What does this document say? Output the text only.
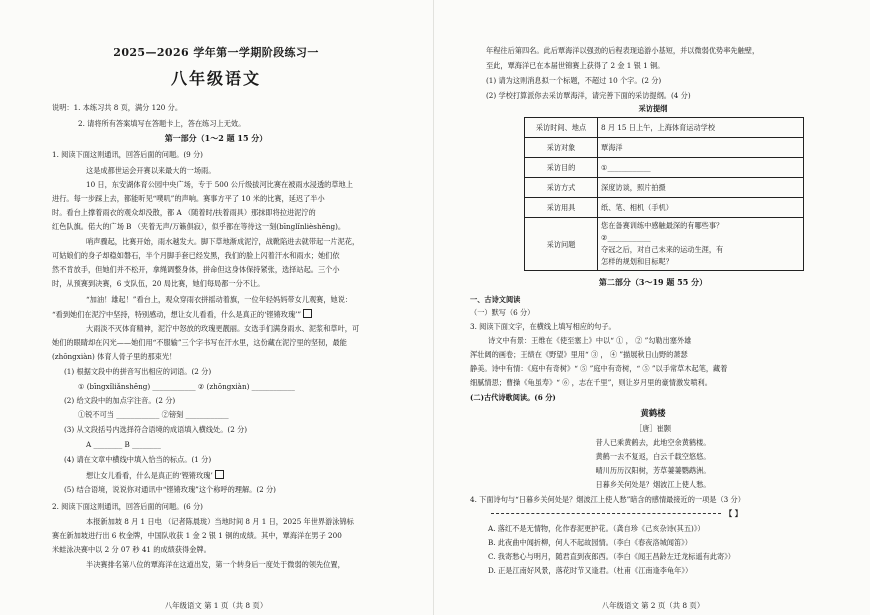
2025—2026 学年第一学期阶段练习一
八年级语文
说明：1. 本练习共 8 页，满分 120 分。
2. 请将所有答案填写在答题卡上，答在练习上无效。
第一部分（1～2 题 15 分）
1. 阅读下面这则通讯，回答后面的问题。(9 分)
这是成都世运会开赛以来最大的一场雨。
10 日，东安湖体育公园中央广场，专于 500 公斤级拔河比赛在被雨水浸透的草地上
进行。每一步踩上去，都能听见“噗叽”的声响。赛事方平了 10 米的比赛，延迟了半小
时。看台上撑着雨衣的观众却没散，都 A （随着时/扶着雨具）那抹即将拉进泥泞的
红色队旗。偌大的广场 B （夹着无声/万籁俱寂），似乎都在等待这一刻(bīnglǐnlièshēng)。
哨声骤起，比赛开始，雨水越发大。脚下草地渐成泥泞，战靴陷进去就带起一片泥花，
可姑娘们的身子却稳如磐石，半个月脚手套已经发黑，我们的脸上闪着汗水和雨水；她们依
然不肯放手，但她们并不松开，拿绳调整身体，拼命但这身体保持紧张，选择站起。三个小
时，从预赛到决赛，6 支队伍，20 局比赛，她们每局都一分不让。
“加油！雄起！”看台上，观众穿雨衣拼摇动着旗，一位年轻妈妈带女儿观赛，她说：
“看到她们在泥泞中坚持，特别感动，想让女儿看看，什么是真正的‘铿锵玫瑰’”
大雨淡不灭体育精神，泥泞中怒放的玫瑰更靓丽。女选手们满身雨水、泥浆和草叶，可
她们的眼睛却在闪光——她们用“不服输”三个字书写在汗水里，这份藏在泥泞里的坚韧，最能
(zhōngxiàn) 体育人骨子里的那束光！
(1) 根据文段中的拼音写出相应的词语。(2 分)
① (bīngxǐliǎnshēng) ____________ ② (zhōngxiàn) ____________
(2) 给文段中的加点字注音。(2 分)
①锐不可当 ____________ ②镑刻 ____________
(3) 从文段括号内选择符合语境的成语填入横线处。(2 分)
A ________ B ________
(4) 请在文章中横线中填入恰当的标点。(1 分)
想让女儿看看，什么是真正的‘铿锵玫瑰’
(5) 结合语境，说说你对通讯中“铿锵玫瑰”这个称呼的理解。(2 分)
2. 阅读下面这则通讯，回答后面的问题。(6 分)
本报新加坡 8 月 1 日电 （记者陈晨珑）当地时间 8 月 1 日，2025 年世界游泳锦标
赛在新加坡进行出 6 枚金牌，中国队收获 1 金 2 银 1 铜的成绩。其中，覃海洋在男子 200
米蛙泳决赛中以 2 分 07 秒 41 的成绩获得金牌。
半决赛排名第八位的覃海洋在这道出发，第一个转身后一度处于微弱的领先位置，
八年级语文 第 1 页（共 8 页）
年程往后第四名。此后覃海洋以强劲的后程表现追游小基短，并以微弱优势率先触壁，
至此，覃海洋已在本届世锦赛上获得了 2 金 1 银 1 铜。
(1) 请为这则消息拟一个标题，不超过 10 个字。(2 分)
(2) 学校打算派你去采访覃海洋，请完善下面的采访提纲。(4 分)
采访提纲
采访时间、地点	8 月 15 日上午，上海体育运动学校
采访对象	覃海洋
采访目的	①____________
采访方式	深度访谈，照片拍摄
采访用具	纸、笔、相机（手机）
采访问题	您在备赛训练中感触最深的有哪些事？
②____________
夺冠之后，对自己未来的运动生涯，有
怎样的规划和目标呢？
第二部分（3～19 题 55 分）
一、古诗文阅读
（一）默写（6 分）
3. 阅读下面文字，在横线上填写相应的句子。
诗文中有景：王维在《使至塞上》中以“ ① ， ② ”勾勒出塞外雄
浑壮阔的画卷；王绩在《野望》里用“ ③ ， ④ ”描展秋日山野的萧瑟
静美。诗中有情：《庭中有奇树》“ ⑤ ”庭中有奇树，“ ⑤ ”以手常草木起笔，藏着
细腻情思；曹操《龟虽寿》“ ⑥ ，志在千里”，则让岁月里的豪情激发喷利。
(二)古代诗歌阅读。(6 分)
黄鹤楼
［唐］崔颢
昔人已乘黄鹤去，此地空余黄鹤楼。
黄鹤一去不复返，白云千载空悠悠。
晴川历历汉阳树，芳草萋萋鹦鹉洲。
日暮乡关何处是？烟波江上使人愁。
4. 下面诗句与“日暮乡关何处是？烟波江上使人愁”暗含的感情最接近的一项是（3 分）
【 】
A. 落红不是无情物，化作春泥更护花。（龚自珍《己亥杂诗(其五)》）
B. 此夜曲中闻折柳，何人不起故园情。（李白《春夜洛城闻笛》）
C. 我寄愁心与明月，随君直到夜郎西。（李白《闻王昌龄左迁龙标遥有此寄》）
D. 正是江南好风景，落花时节又逢君。（杜甫《江南逢李龟年》）
八年级语文 第 2 页（共 8 页）
